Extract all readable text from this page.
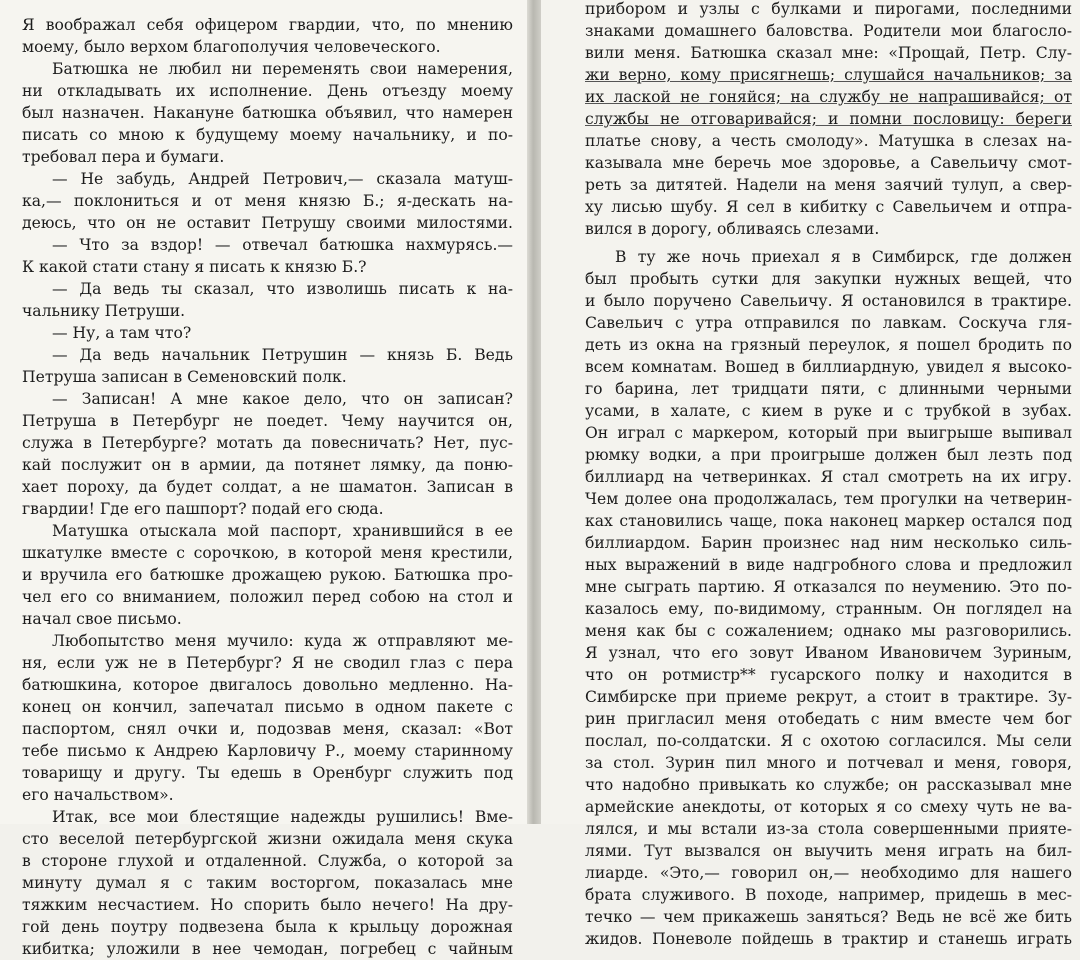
Я воображал себя офицером гвардии, что, по мнению
моему, было верхом благополучия человеческого.
Батюшка не любил ни переменять свои намерения,
ни откладывать их исполнение. День отъезду моему
был назначен. Накануне батюшка объявил, что намерен
писать со мною к будущему моему начальнику, и по-
требовал пера и бумаги.
— Не забудь, Андрей Петрович,— сказала матуш-
ка,— поклониться и от меня князю Б.; я-дескать на-
деюсь, что он не оставит Петрушу своими милостями.
— Что за вздор! — отвечал батюшка нахмурясь.—
К какой стати стану я писать к князю Б.?
— Да ведь ты сказал, что изволишь писать к на-
чальнику Петруши.
— Ну, а там что?
— Да ведь начальник Петрушин — князь Б. Ведь
Петруша записан в Семеновский полк.
— Записан! А мне какое дело, что он записан?
Петруша в Петербург не поедет. Чему научится он,
служа в Петербурге? мотать да повесничать? Нет, пус-
кай послужит он в армии, да потянет лямку, да поню-
хает пороху, да будет солдат, а не шаматон. Записан в
гвардии! Где его пашпорт? подай его сюда.
Матушка отыскала мой паспорт, хранившийся в ее
шкатулке вместе с сорочкою, в которой меня крестили,
и вручила его батюшке дрожащею рукою. Батюшка про-
чел его со вниманием, положил перед собою на стол и
начал свое письмо.
Любопытство меня мучило: куда ж отправляют ме-
ня, если уж не в Петербург? Я не сводил глаз с пера
батюшкина, которое двигалось довольно медленно. На-
конец он кончил, запечатал письмо в одном пакете с
паспортом, снял очки и, подозвав меня, сказал: «Вот
тебе письмо к Андрею Карловичу Р., моему старинному
товарищу и другу. Ты едешь в Оренбург служить под
его начальством».
Итак, все мои блестящие надежды рушились! Вме-
сто веселой петербургской жизни ожидала меня скука
в стороне глухой и отдаленной. Служба, о которой за
минуту думал я с таким восторгом, показалась мне
тяжким несчастием. Но спорить было нечего! На дру-
гой день поутру подвезена была к крыльцу дорожная
кибитка; уложили в нее чемодан, погребец с чайным
прибором и узлы с булками и пирогами, последними
знаками домашнего баловства. Родители мои благосло-
вили меня. Батюшка сказал мне: «Прощай, Петр. Слу-
жи верно, кому присягнешь; слушайся начальников; за
их лаской не гоняйся; на службу не напрашивайся; от
службы не отговаривайся; и помни пословицу: береги
платье снову, а честь смолоду». Матушка в слезах на-
казывала мне беречь мое здоровье, а Савельичу смот-
реть за дитятей. Надели на меня заячий тулуп, а свер-
ху лисью шубу. Я сел в кибитку с Савельичем и отпра-
вился в дорогу, обливаясь слезами.
В ту же ночь приехал я в Симбирск, где должен
был пробыть сутки для закупки нужных вещей, что
и было поручено Савельичу. Я остановился в трактире.
Савельич с утра отправился по лавкам. Соскуча гля-
деть из окна на грязный переулок, я пошел бродить по
всем комнатам. Вошед в биллиардную, увидел я высоко-
го барина, лет тридцати пяти, с длинными черными
усами, в халате, с кием в руке и с трубкой в зубах.
Он играл с маркером, который при выигрыше выпивал
рюмку водки, а при проигрыше должен был лезть под
биллиард на четверинках. Я стал смотреть на их игру.
Чем долее она продолжалась, тем прогулки на четверин-
ках становились чаще, пока наконец маркер остался под
биллиардом. Барин произнес над ним несколько силь-
ных выражений в виде надгробного слова и предложил
мне сыграть партию. Я отказался по неумению. Это по-
казалось ему, по-видимому, странным. Он поглядел на
меня как бы с сожалением; однако мы разговорились.
Я узнал, что его зовут Иваном Ивановичем Зуриным,
что он ротмистр** гусарского полку и находится в
Симбирске при приеме рекрут, а стоит в трактире. Зу-
рин пригласил меня отобедать с ним вместе чем бог
послал, по-солдатски. Я с охотою согласился. Мы сели
за стол. Зурин пил много и потчевал и меня, говоря,
что надобно привыкать ко службе; он рассказывал мне
армейские анекдоты, от которых я со смеху чуть не ва-
лялся, и мы встали из-за стола совершенными прияте-
лями. Тут вызвался он выучить меня играть на бил-
лиарде. «Это,— говорил он,— необходимо для нашего
брата служивого. В походе, например, придешь в мес-
течко — чем прикажешь заняться? Ведь не всё же бить
жидов. Поневоле пойдешь в трактир и станешь играть
